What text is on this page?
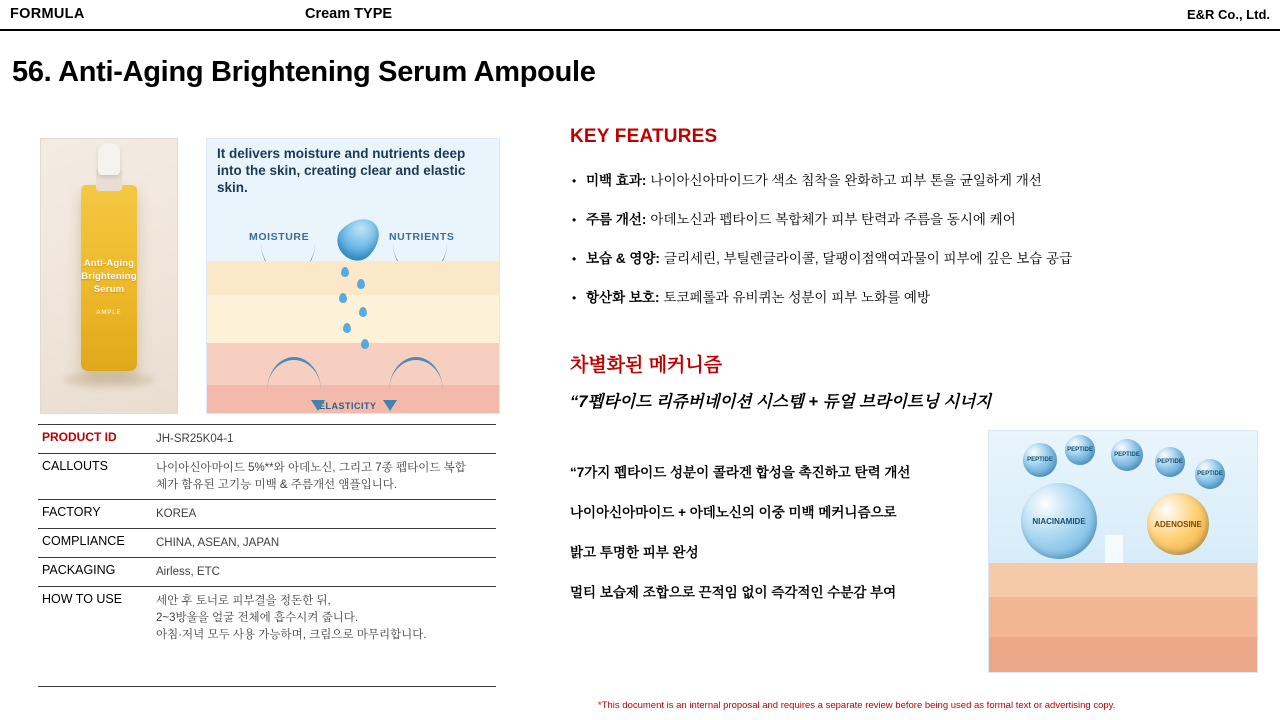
FORMULA	Cream TYPE	E&R Co., Ltd.
56. Anti-Aging Brightening Serum Ampoule
Anti-Aging
Brightening
Serum
AMPLE
It delivers moisture and nutrients deep into the skin, creating clear and elastic skin.
MOISTURE	NUTRIENTS
ELASTICITY
PRODUCT ID	JH-SR25K04-1
CALLOUTS	나이아신아마이드 5%**와 아데노신, 그리고 7종 펩타이드 복합
체가 함유된 고기능 미백 & 주름개선 앰플입니다.
FACTORY	KOREA
COMPLIANCE	CHINA, ASEAN, JAPAN
PACKAGING	Airless, ETC
HOW TO USE	세안 후 토너로 피부결을 정돈한 뒤,
2~3방울을 얼굴 전체에 흡수시켜 줍니다.
아침·저녁 모두 사용 가능하며, 크림으로 마무리합니다.
KEY FEATURES
• 미백 효과: 나이아신아마이드가 색소 침착을 완화하고 피부 톤을 균일하게 개선
• 주름 개선: 아데노신과 펩타이드 복합체가 피부 탄력과 주름을 동시에 케어
• 보습 & 영양: 글리세린, 부틸렌글라이콜, 달팽이점액여과물이 피부에 깊은 보습 공급
• 항산화 보호: 토코페롤과 유비퀴논 성분이 피부 노화를 예방
차별화된 메커니즘
“7펩타이드 리쥬버네이션 시스템 + 듀얼 브라이트닝 시너지
“7가지 펩타이드 성분이 콜라겐 합성을 촉진하고 탄력 개선
나이아신아마이드 + 아데노신의 이중 미백 메커니즘으로
밝고 투명한 피부 완성
멀티 보습제 조합으로 끈적임 없이 즉각적인 수분감 부여
PEPTIDE
PEPTIDE
PEPTIDE
PEPTIDE
PEPTIDE
NIACINAMIDE	ADENOSINE
*This document is an internal proposal and requires a separate review before being used as formal text or advertising copy.
